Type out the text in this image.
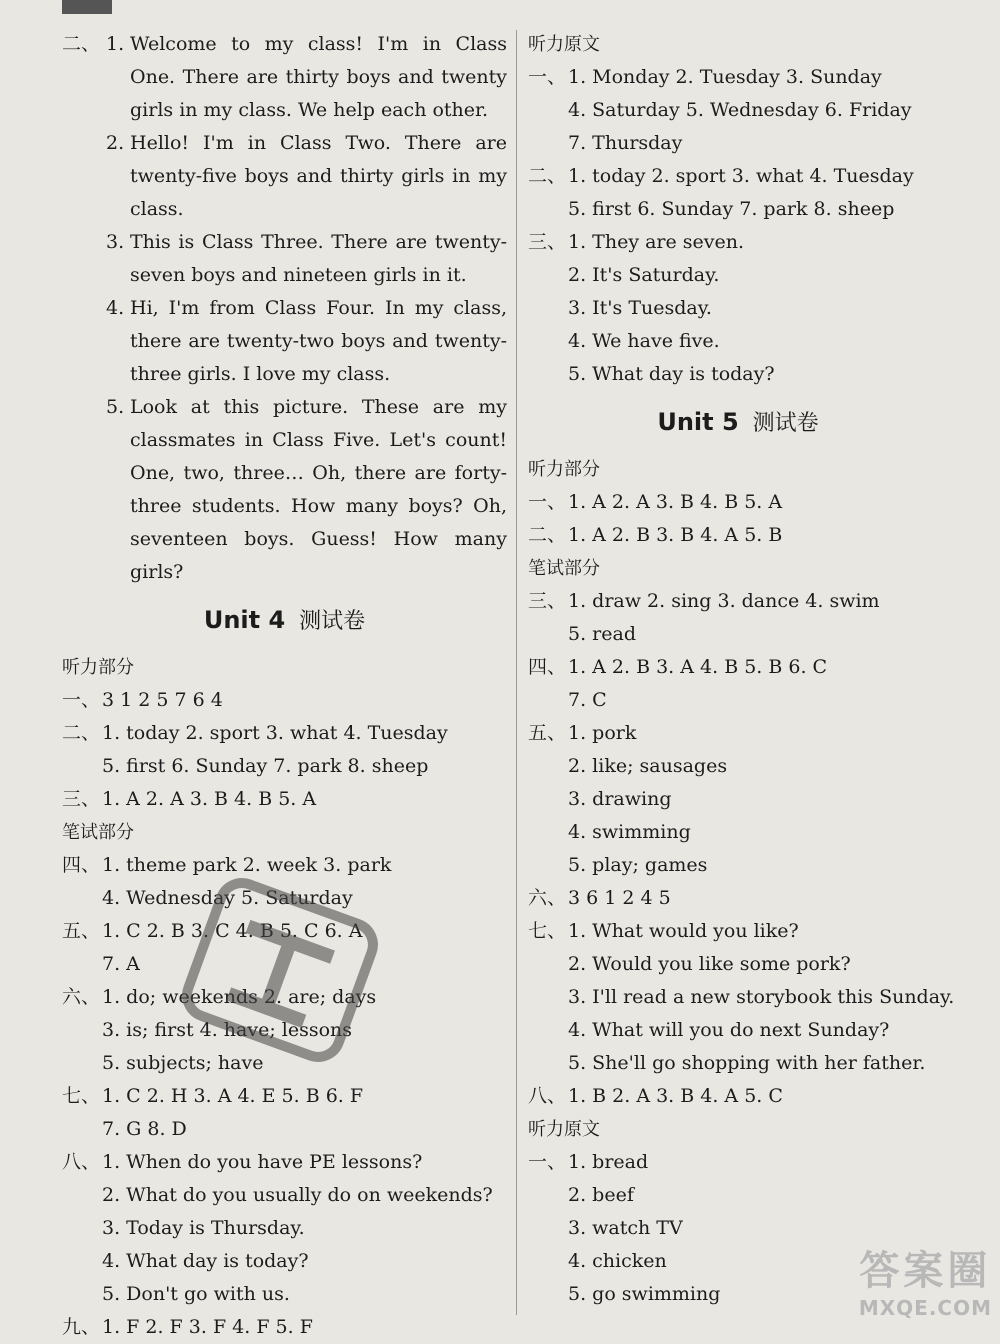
二、 1. Welcome to my class! I'm in Class One. There are thirty boys and twenty girls in my class. We help each other.
2. Hello! I'm in Class Two. There are twenty-five boys and thirty girls in my class.
3. This is Class Three. There are twenty-seven boys and nineteen girls in it.
4. Hi, I'm from Class Four. In my class, there are twenty-two boys and twenty-three girls. I love my class.
5. Look at this picture. These are my classmates in Class Five. Let's count! One, two, three… Oh, there are forty-three students. How many boys? Oh, seventeen boys. Guess! How many girls?
Unit 4 测试卷
听力部分
一、 3 1 2 5 7 6 4
二、 1. today 2. sport 3. what 4. Tuesday
5. first 6. Sunday 7. park 8. sheep
三、 1. A 2. A 3. B 4. B 5. A
笔试部分
四、 1. theme park 2. week 3. park
4. Wednesday 5. Saturday
五、 1. C 2. B 3. C 4. B 5. C 6. A
7. A
六、 1. do; weekends 2. are; days
3. is; first 4. have; lessons
5. subjects; have
七、 1. C 2. H 3. A 4. E 5. B 6. F
7. G 8. D
八、 1. When do you have PE lessons?
2. What do you usually do on weekends?
3. Today is Thursday.
4. What day is today?
5. Don't go with us.
九、 1. F 2. F 3. F 4. F 5. F
听力原文
一、 1. Monday 2. Tuesday 3. Sunday
4. Saturday 5. Wednesday 6. Friday
7. Thursday
二、 1. today 2. sport 3. what 4. Tuesday
5. first 6. Sunday 7. park 8. sheep
三、 1. They are seven.
2. It's Saturday.
3. It's Tuesday.
4. We have five.
5. What day is today?
Unit 5 测试卷
听力部分
一、 1. A 2. A 3. B 4. B 5. A
二、 1. A 2. B 3. B 4. A 5. B
笔试部分
三、 1. draw 2. sing 3. dance 4. swim
5. read
四、 1. A 2. B 3. A 4. B 5. B 6. C
7. C
五、 1. pork
2. like; sausages
3. drawing
4. swimming
5. play; games
六、 3 6 1 2 4 5
七、 1. What would you like?
2. Would you like some pork?
3. I'll read a new storybook this Sunday.
4. What will you do next Sunday?
5. She'll go shopping with her father.
八、 1. B 2. A 3. B 4. A 5. C
听力原文
一、 1. bread
2. beef
3. watch TV
4. chicken
5. go swimming	答案圈
MXQE.COM
